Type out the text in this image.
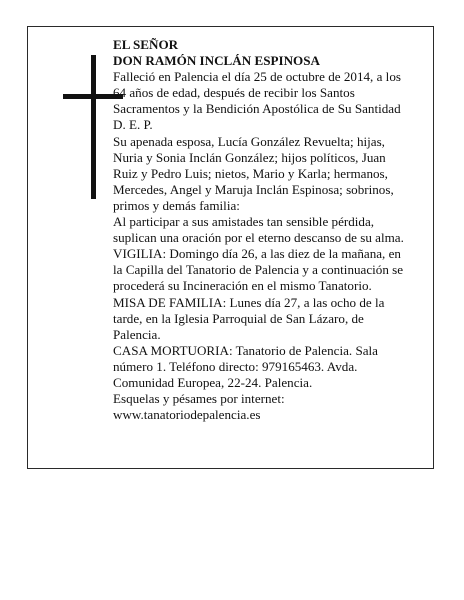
EL SEÑOR
DON RAMÓN INCLÁN ESPINOSA

Falleció en Palencia el día 25 de octubre de 2014, a los
64 años de edad, después de recibir los Santos
Sacramentos y la Bendición Apostólica de Su Santidad
D. E. P.

Su apenada esposa, Lucía González Revuelta; hijas,
Nuria y Sonia Inclán González; hijos políticos, Juan
Ruiz y Pedro Luis; nietos, Mario y Karla; hermanos,
Mercedes, Angel y Maruja Inclán Espinosa; sobrinos,
primos y demás familia:

Al participar a sus amistades tan sensible pérdida,
suplican una oración por el eterno descanso de su alma.

VIGILIA: Domingo día 26, a las diez de la mañana, en
la Capilla del Tanatorio de Palencia y a continuación se
procederá su Incineración en el mismo Tanatorio.

MISA DE FAMILIA: Lunes día 27, a las ocho de la
tarde, en la Iglesia Parroquial de San Lázaro, de
Palencia.

CASA MORTUORIA: Tanatorio de Palencia. Sala
número 1. Teléfono directo: 979165463. Avda.
Comunidad Europea, 22-24. Palencia.

Esquelas y pésames por internet:
www.tanatoriodepalencia.es
